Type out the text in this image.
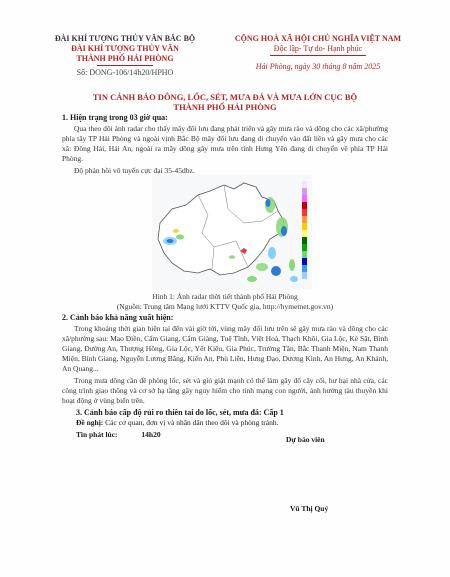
ĐÀI KHÍ TƯỢNG THỦY VĂN BẮC BỘ
ĐÀI KHÍ TƯỢNG THỦY VĂN
THÀNH PHỐ HẢI PHÒNG
Số: DONG-106/14h20/HPHO
CỘNG HOÀ XÃ HỘI CHỦ NGHĨA VIỆT NAM
Độc lập- Tự do- Hạnh phúc
Hải Phòng, ngày 30 tháng 8 năm 2025
TIN CẢNH BÁO DÔNG, LỐC, SÉT, MƯA ĐÁ VÀ MƯA LỚN CỤC BỘ
THÀNH PHỐ HẢI PHÒNG
1. Hiện trạng trong 03 giờ qua:
Qua theo dõi ảnh radar cho thấy mây đối lưu đang phát triển và gây mưa rào và dông cho các xã/phường phía tây TP Hải Phòng và ngoài vịnh Bắc Bộ mây đối lưu đang di chuyển vào đất liền và gây mưa cho các xã: Đông Hải, Hải An, ngoài ra mây dông gây mưa trên tỉnh Hưng Yên đang di chuyển về phía TP Hải Phòng.
Độ phản hồi vô tuyến cực đại 35-45dbz.
Hình 1: Ảnh radar thời tiết thành phố Hải Phòng
(Nguồn: Trung tâm Mạng lưới KTTV Quốc gia, http://hymetnet.gov.vn)
2. Cảnh báo khả năng xuất hiện:
Trong khoảng thời gian hiện tại đến vài giờ tới, vùng mây đối lưu trên sẽ gây mưa rào và dông cho các xã/phường sau: Mao Điền, Cẩm Giang, Cẩm Giàng, Tuệ Tĩnh, Việt Hoà, Thạch Khôi, Gia Lộc, Kẻ Sặt, Bình Giang, Đường An, Thượng Hồng, Gia Lộc, Yết Kiêu, Gia Phúc, Trường Tân, Bắc Thanh Miện, Nam Thanh Miện, Bình Giang, Nguyễn Lương Bằng, Kiến An, Phù Liễn, Hưng Đạo, Dương Kinh, An Hưng, An Khánh, An Quang...
Trong mưa dông cần đề phòng lốc, sét và gió giật mạnh có thể làm gãy đổ cây cối, hư hại nhà cửa, các công trình giao thông và cơ sở hạ tầng gây nguy hiểm cho tính mạng con người, ảnh hưởng tàu thuyền khi hoạt động ở vùng biển trên.
3. Cảnh báo cấp độ rủi ro thiên tai do lốc, sét, mưa đá: Cấp 1
Đề nghị: Các cơ quan, đơn vị và nhân dân theo dõi và phòng tránh.
Tin phát lúc:	14h20
Dự báo viên
Vũ Thị Quý
